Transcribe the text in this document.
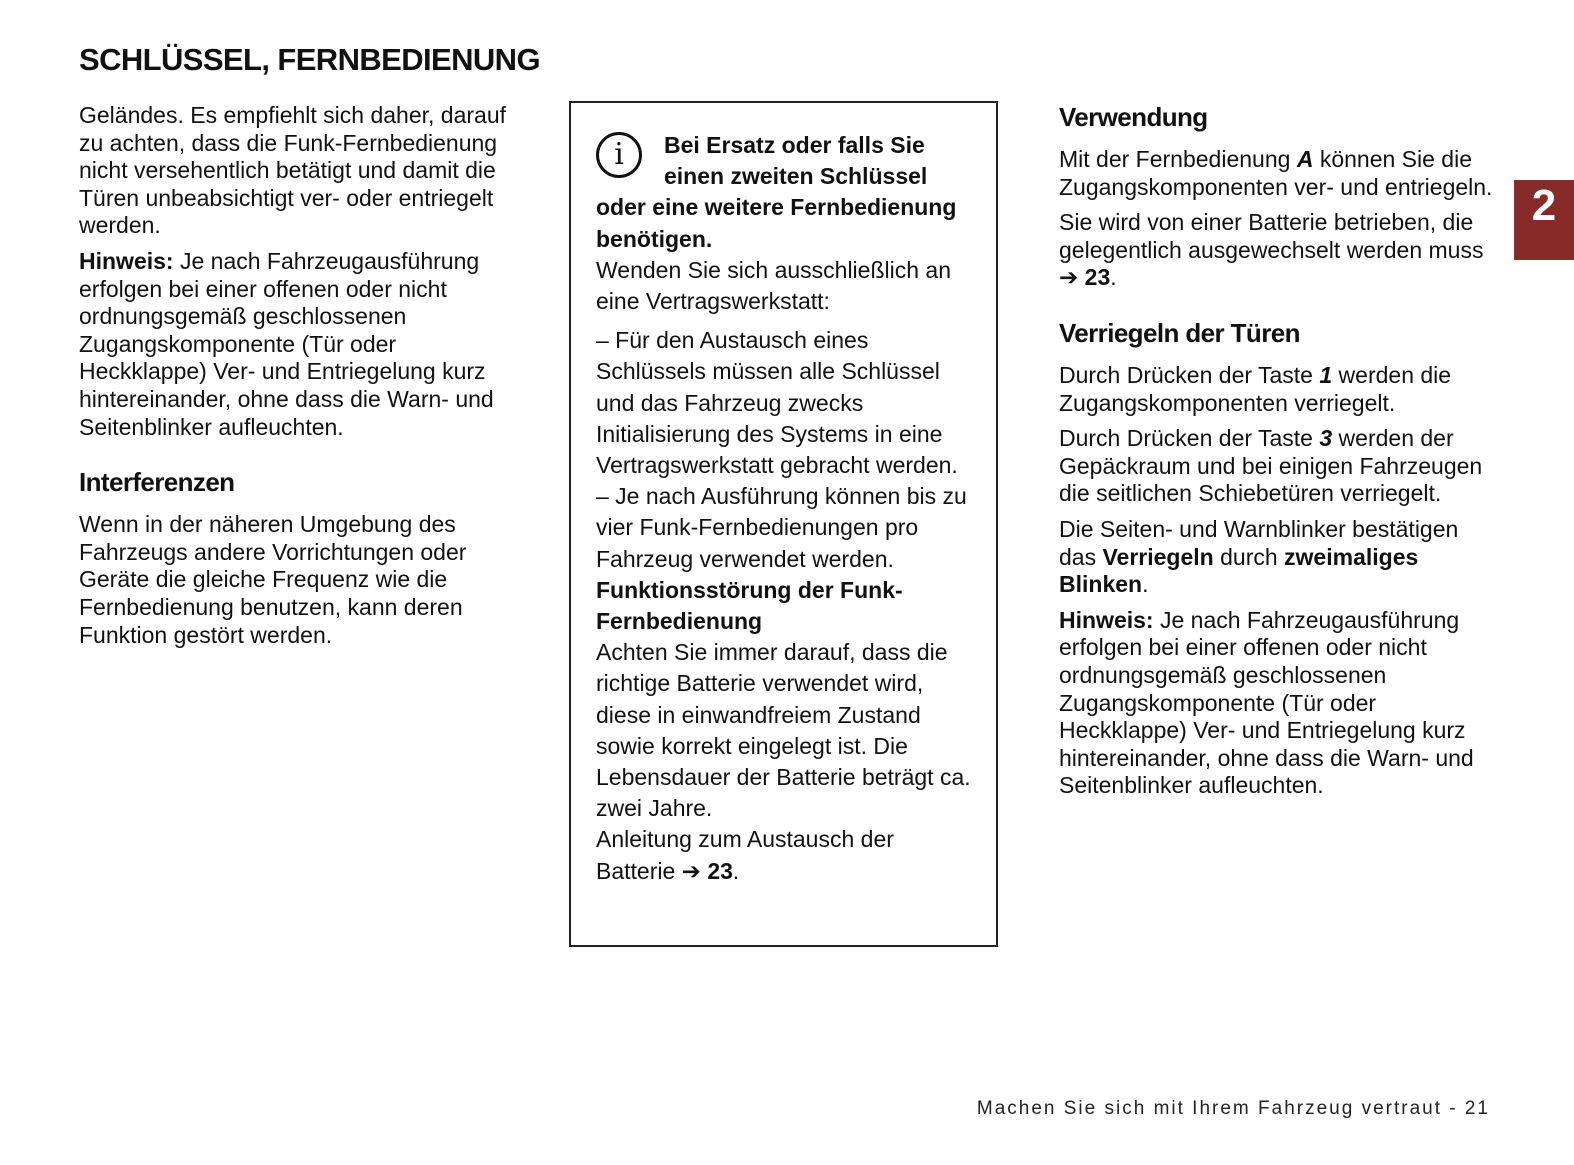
SCHLÜSSEL, FERNBEDIENUNG
2

Geländes. Es empfiehlt sich daher, darauf zu achten, dass die Funk-Fernbedienung nicht versehentlich betätigt und damit die Türen unbeabsichtigt ver- oder entriegelt werden.

Hinweis: Je nach Fahrzeugausführung erfolgen bei einer offenen oder nicht ordnungsgemäß geschlossenen Zugangskomponente (Tür oder Heckklappe) Ver- und Entriegelung kurz hintereinander, ohne dass die Warn- und Seitenblinker aufleuchten.

Interferenzen

Wenn in der näheren Umgebung des Fahrzeugs andere Vorrichtungen oder Geräte die gleiche Frequenz wie die Fernbedienung benutzen, kann deren Funktion gestört werden.

i	Bei Ersatz oder falls Sie einen zweiten Schlüssel oder eine weitere Fernbedienung benötigen.

Wenden Sie sich ausschließlich an eine Vertragswerkstatt:

– Für den Austausch eines Schlüssels müssen alle Schlüssel und das Fahrzeug zwecks Initialisierung des Systems in eine Vertragswerkstatt gebracht werden.

– Je nach Ausführung können bis zu vier Funk-Fernbedienungen pro Fahrzeug verwendet werden.

Funktionsstörung der Funk-Fernbedienung

Achten Sie immer darauf, dass die richtige Batterie verwendet wird, diese in einwandfreiem Zustand sowie korrekt eingelegt ist. Die Lebensdauer der Batterie beträgt ca. zwei Jahre.

Anleitung zum Austausch der Batterie ➔ 23.

Verwendung

Mit der Fernbedienung A können Sie die Zugangskomponenten ver- und entriegeln.

Sie wird von einer Batterie betrieben, die gelegentlich ausgewechselt werden muss ➔ 23.

Verriegeln der Türen

Durch Drücken der Taste 1 werden die Zugangskomponenten verriegelt.

Durch Drücken der Taste 3 werden der Gepäckraum und bei einigen Fahrzeugen die seitlichen Schiebetüren verriegelt.

Die Seiten- und Warnblinker bestätigen das Verriegeln durch zweimaliges Blinken.

Hinweis: Je nach Fahrzeugausführung erfolgen bei einer offenen oder nicht ordnungsgemäß geschlossenen Zugangskomponente (Tür oder Heckklappe) Ver- und Entriegelung kurz hintereinander, ohne dass die Warn- und Seitenblinker aufleuchten.

Machen Sie sich mit Ihrem Fahrzeug vertraut - 21
